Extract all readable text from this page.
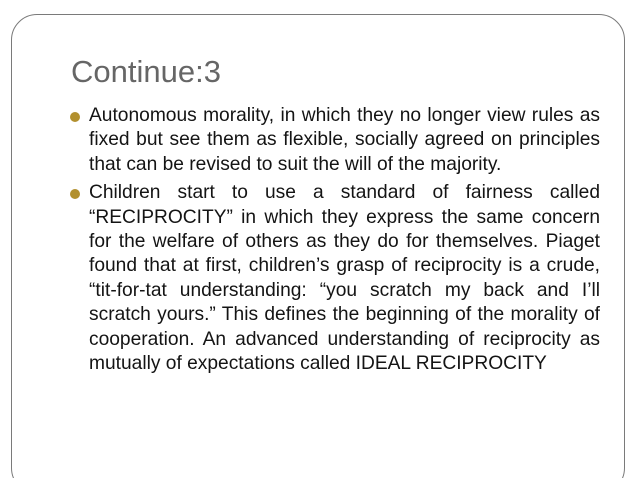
Continue:3
Autonomous morality, in which they no longer view rules as fixed but see them as flexible, socially agreed on principles that can be revised to suit the will of the majority.
Children start to use a standard of fairness called “RECIPROCITY” in which they express the same concern for the welfare of others as they do for themselves. Piaget found that at first, children’s grasp of reciprocity is a crude, “tit-for-tat understanding: “you scratch my back and I’ll scratch yours.” This defines the beginning of the morality of cooperation. An advanced understanding of reciprocity as mutually of expectations called IDEAL RECIPROCITY
